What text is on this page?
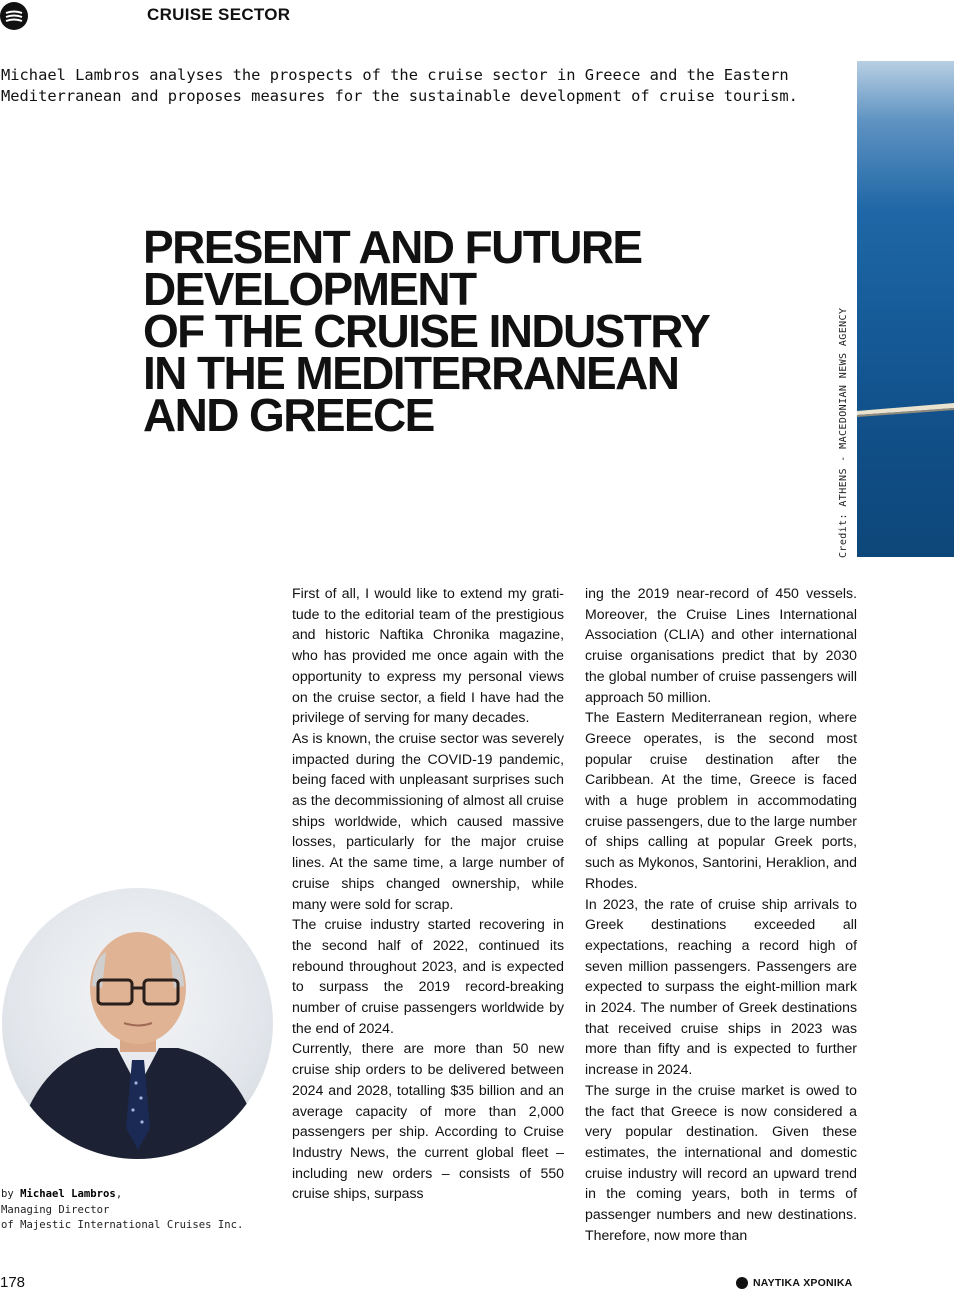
CRUISE SECTOR
Michael Lambros analyses the prospects of the cruise sector in Greece and the Eastern
Mediterranean and proposes measures for the sustainable development of cruise tourism.
Credit: ATHENS - MACEDONIAN NEWS AGENCY
PRESENT AND FUTURE
DEVELOPMENT
OF THE CRUISE INDUSTRY
IN THE MEDITERRANEAN
AND GREECE
by Michael Lambros,
Managing Director
of Majestic International Cruises Inc.

First of all, I would like to extend my gratitude to the editorial team of the prestigious and historic Naftika Chronika magazine, who has provided me once again with the opportunity to express my personal views on the cruise sector, a field I have had the privilege of serving for many decades.

As is known, the cruise sector was severely impacted during the COVID-19 pandemic, being faced with unpleasant surprises such as the decommissioning of almost all cruise ships worldwide, which caused massive losses, particularly for the major cruise lines. At the same time, a large number of cruise ships changed ownership, while many were sold for scrap.

The cruise industry started recovering in the second half of 2022, continued its rebound throughout 2023, and is expected to surpass the 2019 record-breaking number of cruise passengers worldwide by the end of 2024.

Currently, there are more than 50 new cruise ship orders to be delivered between 2024 and 2028, totalling $35 billion and an average capacity of more than 2,000 passengers per ship. According to Cruise Industry News, the current global fleet – including new orders – consists of 550 cruise ships, surpass

ing the 2019 near-record of 450 vessels. Moreover, the Cruise Lines International Association (CLIA) and other international cruise organisations predict that by 2030 the global number of cruise passengers will approach 50 million.

The Eastern Mediterranean region, where Greece operates, is the second most popular cruise destination after the Caribbean. At the time, Greece is faced with a huge problem in accommodating cruise passengers, due to the large number of ships calling at popular Greek ports, such as Mykonos, Santorini, Heraklion, and Rhodes.

In 2023, the rate of cruise ship arrivals to Greek destinations exceeded all expectations, reaching a record high of seven million passengers. Passengers are expected to surpass the eight-million mark in 2024. The number of Greek destinations that received cruise ships in 2023 was more than fifty and is expected to further increase in 2024.

The surge in the cruise market is owed to the fact that Greece is now considered a very popular destination. Given these estimates, the international and domestic cruise industry will record an upward trend in the coming years, both in terms of passenger numbers and new destinations. Therefore, now more than

178	ΝΑΥΤΙΚΑ ΧΡΟΝΙΚΑ
